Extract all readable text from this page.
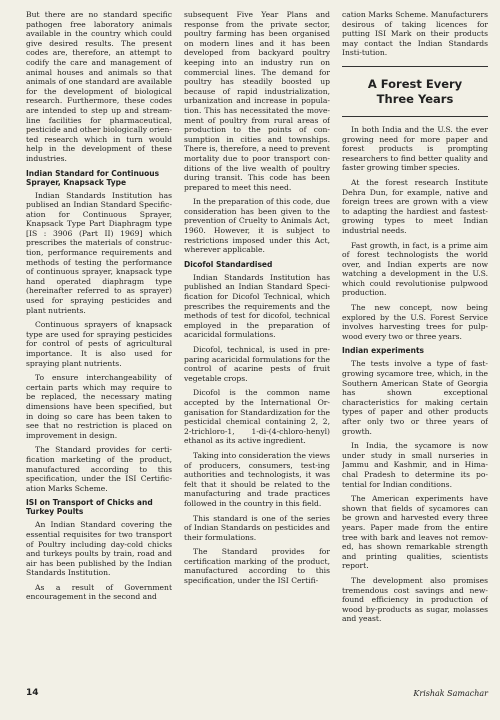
But there are no standard specific pathogen free laboratory animals available in the country which could give desired results. The present codes are, therefore, an attempt to codify the care and management of animal houses and animals so that animals of one standard are available for the development of biological research. Furthermore, these codes are intended to step up and stream-line facilities for pharmaceutical, pesticide and other biologically orien-ted research which in turn would help in the development of these industries.

Indian Standard for Continuous Sprayer, Knapsack Type

Indian Standards Institution has publised an Indian Standard Specific-ation for Continuous Sprayer, Knapsack Type Part Diaphragm type [IS : 3906 (Part II) 1969] which prescribes the materials of construc-tion, performance requirements and methods of testing the performance of continuous sprayer, knapsack type hand operated diaphragm type (hereinafter referred to as sprayer) used for spraying pesticides and plant nutrients.

Continuous sprayers of knapsack type are used for spraying pesticides for control of pests of agricultural importance. It is also used for spraying plant nutrients.

To ensure interchangeability of certain parts which may require to be replaced, the necessary mating dimensions have been specified, but in doing so care has been taken to see that no restriction is placed on improvement in design.

The Standard provides for certi-fication marketing of the product, manufactured according to this specification, under the ISI Certific-ation Marks Scheme.

ISI on Transport of Chicks and Turkey Poults

An Indian Standard covering the essential requisites for two transport of Poultry including day-cold chicks and turkeys poults by train, road and air has been published by the Indian Standards Institution.

As a result of Government encouragement in the second and

subsequent Five Year Plans and response from the private sector, poultry farming has been organised on modern lines and it has been developed from backyard poultry keeping into an industry run on commercial lines. The demand for poultry has steadily boosted up because of rapid industrialization, urbanization and increase in popula-tion. This has necessitated the move-ment of poultry from rural areas of production to the points of con-sumption in cities and townships. There is, therefore, a need to prevent mortality due to poor transport con-ditions of the live wealth of poultry during transit. This code has been prepared to meet this need.

In the preparation of this code, due consideration has been given to the prevention of Cruelty to Animals Act, 1960. However, it is subject to restrictions imposed under this Act, wherever applicable.

Dicofol Standardised

Indian Standards Institution has published an Indian Standard Speci-fication for Dicofol Technical, which prescribes the requirements and the methods of test for dicofol, technical employed in the preparation of acaricidal formulations.

Dicofol, technical, is used in pre-paring acaricidal formulations for the control of acarine pests of fruit vegetable crops.

Dicofol is the common name accepted by the International Or-ganisation for Standardization for the pesticidal chemical containing 2, 2, 2-trichloro-1, 1-di-(4-chloro-henyl) ethanol as its active ingredient.

Taking into consideration the views of producers, consumers, test-ing authorities and technologists, it was felt that it should be related to the manufacturing and trade practices followed in the country in this field.

This standard is one of the series of Indian Standards on pesticides and their formulations.

The Standard provides for certification marking of the product, manufactured according to this specification, under the ISI Certifi-

cation Marks Scheme. Manufacturers desirous of taking licences for putting ISI Mark on their products may contact the Indian Standards Insti-tution.

A Forest Every
Three Years

In both India and the U.S. the ever growing need for more paper and forest products is prompting researchers to find better quality and faster growing timber species.

At the forest research Institute Dehra Dun, for example, native and foreign trees are grown with a view to adapting the hardiest and fastest-growing types to meet Indian industrial needs.

Fast growth, in fact, is a prime aim of forest technologists the world over, and Indian experts are now watching a development in the U.S. which could revolutionise pulpwood production.

The new concept, now being explored by the U.S. Forest Service involves harvesting trees for pulp-wood every two or three years.

Indian experiments

The tests involve a type of fast-growing sycamore tree, which, in the Southern American State of Georgia has shown exceptional characteristics for making certain types of paper and other products after only two or three years of growth.

In India, the sycamore is now under study in small nurseries in Jammu and Kashmir, and in Hima-chal Pradesh to determine its po-tential for Indian conditions.

The American experiments have shown that fields of sycamores can be grown and harvested every three years. Paper made from the entire tree with bark and leaves not remov-ed, has shown remarkable strength and printing qualities, scientists report.

The development also promises tremendous cost savings and new-found efficiency in production of wood by-products as sugar, molasses and yeast.

14	Krishak Samachar
